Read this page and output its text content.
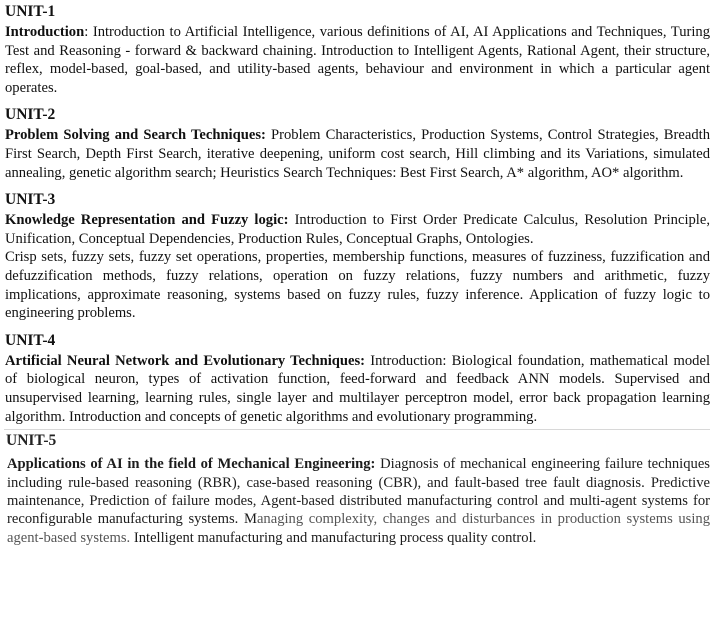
UNIT-1

Introduction: Introduction to Artificial Intelligence, various definitions of AI, AI Applications and Techniques, Turing Test and Reasoning - forward & backward chaining. Introduction to Intelligent Agents, Rational Agent, their structure, reflex, model-based, goal-based, and utility-based agents, behaviour and environment in which a particular agent operates.

UNIT-2

Problem Solving and Search Techniques: Problem Characteristics, Production Systems, Control Strategies, Breadth First Search, Depth First Search, iterative deepening, uniform cost search, Hill climbing and its Variations, simulated annealing, genetic algorithm search; Heuristics Search Techniques: Best First Search, A* algorithm, AO* algorithm.

UNIT-3

Knowledge Representation and Fuzzy logic: Introduction to First Order Predicate Calculus, Resolution Principle, Unification, Conceptual Dependencies, Production Rules, Conceptual Graphs, Ontologies.

Crisp sets, fuzzy sets, fuzzy set operations, properties, membership functions, measures of fuzziness, fuzzification and defuzzification methods, fuzzy relations, operation on fuzzy relations, fuzzy numbers and arithmetic, fuzzy implications, approximate reasoning, systems based on fuzzy rules, fuzzy inference. Application of fuzzy logic to engineering problems.

UNIT-4

Artificial Neural Network and Evolutionary Techniques: Introduction: Biological foundation, mathematical model of biological neuron, types of activation function, feed-forward and feedback ANN models. Supervised and unsupervised learning, learning rules, single layer and multilayer perceptron model, error back propagation learning algorithm. Introduction and concepts of genetic algorithms and evolutionary programming.

UNIT-5

Applications of AI in the field of Mechanical Engineering: Diagnosis of mechanical engineering failure techniques including rule-based reasoning (RBR), case-based reasoning (CBR), and fault-based tree fault diagnosis. Predictive maintenance, Prediction of failure modes, Agent-based distributed manufacturing control and multi-agent systems for reconfigurable manufacturing systems. Managing complexity, changes and disturbances in production systems using agent-based systems. Intelligent manufacturing and manufacturing process quality control.
